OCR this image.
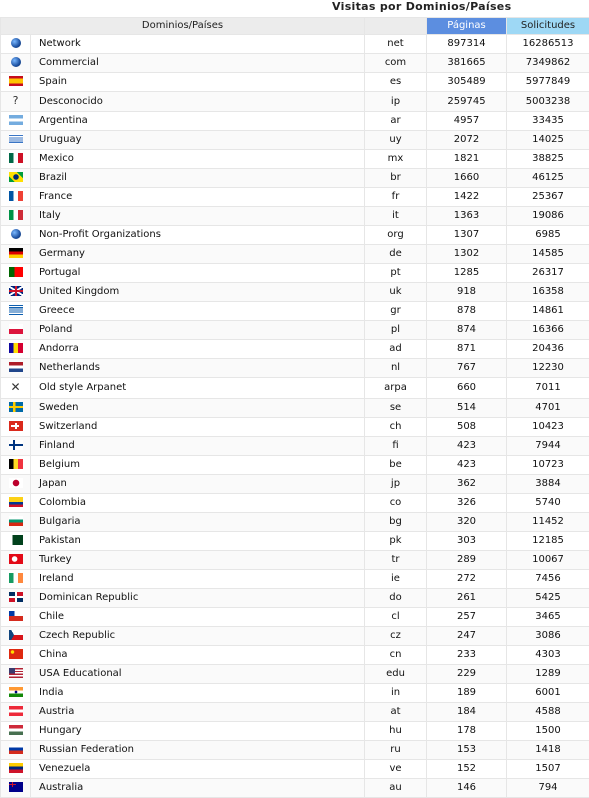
Visitas por Dominios/Países
Dominios/Países			Páginas	Solicitudes
	Network	net	897314	16286513
	Commercial	com	381665	7349862
	Spain	es	305489	5977849
?	Desconocido	ip	259745	5003238
	Argentina	ar	4957	33435
	Uruguay	uy	2072	14025
	Mexico	mx	1821	38825
	Brazil	br	1660	46125
	France	fr	1422	25367
	Italy	it	1363	19086
	Non-Profit Organizations	org	1307	6985
	Germany	de	1302	14585
	Portugal	pt	1285	26317
	United Kingdom	uk	918	16358
	Greece	gr	878	14861
	Poland	pl	874	16366
	Andorra	ad	871	20436
	Netherlands	nl	767	12230
✕	Old style Arpanet	arpa	660	7011
	Sweden	se	514	4701
	Switzerland	ch	508	10423
	Finland	fi	423	7944
	Belgium	be	423	10723
	Japan	jp	362	3884
	Colombia	co	326	5740
	Bulgaria	bg	320	11452
	Pakistan	pk	303	12185
	Turkey	tr	289	10067
	Ireland	ie	272	7456
	Dominican Republic	do	261	5425
	Chile	cl	257	3465
	Czech Republic	cz	247	3086
	China	cn	233	4303
	USA Educational	edu	229	1289
	India	in	189	6001
	Austria	at	184	4588
	Hungary	hu	178	1500
	Russian Federation	ru	153	1418
	Venezuela	ve	152	1507
	Australia	au	146	794
